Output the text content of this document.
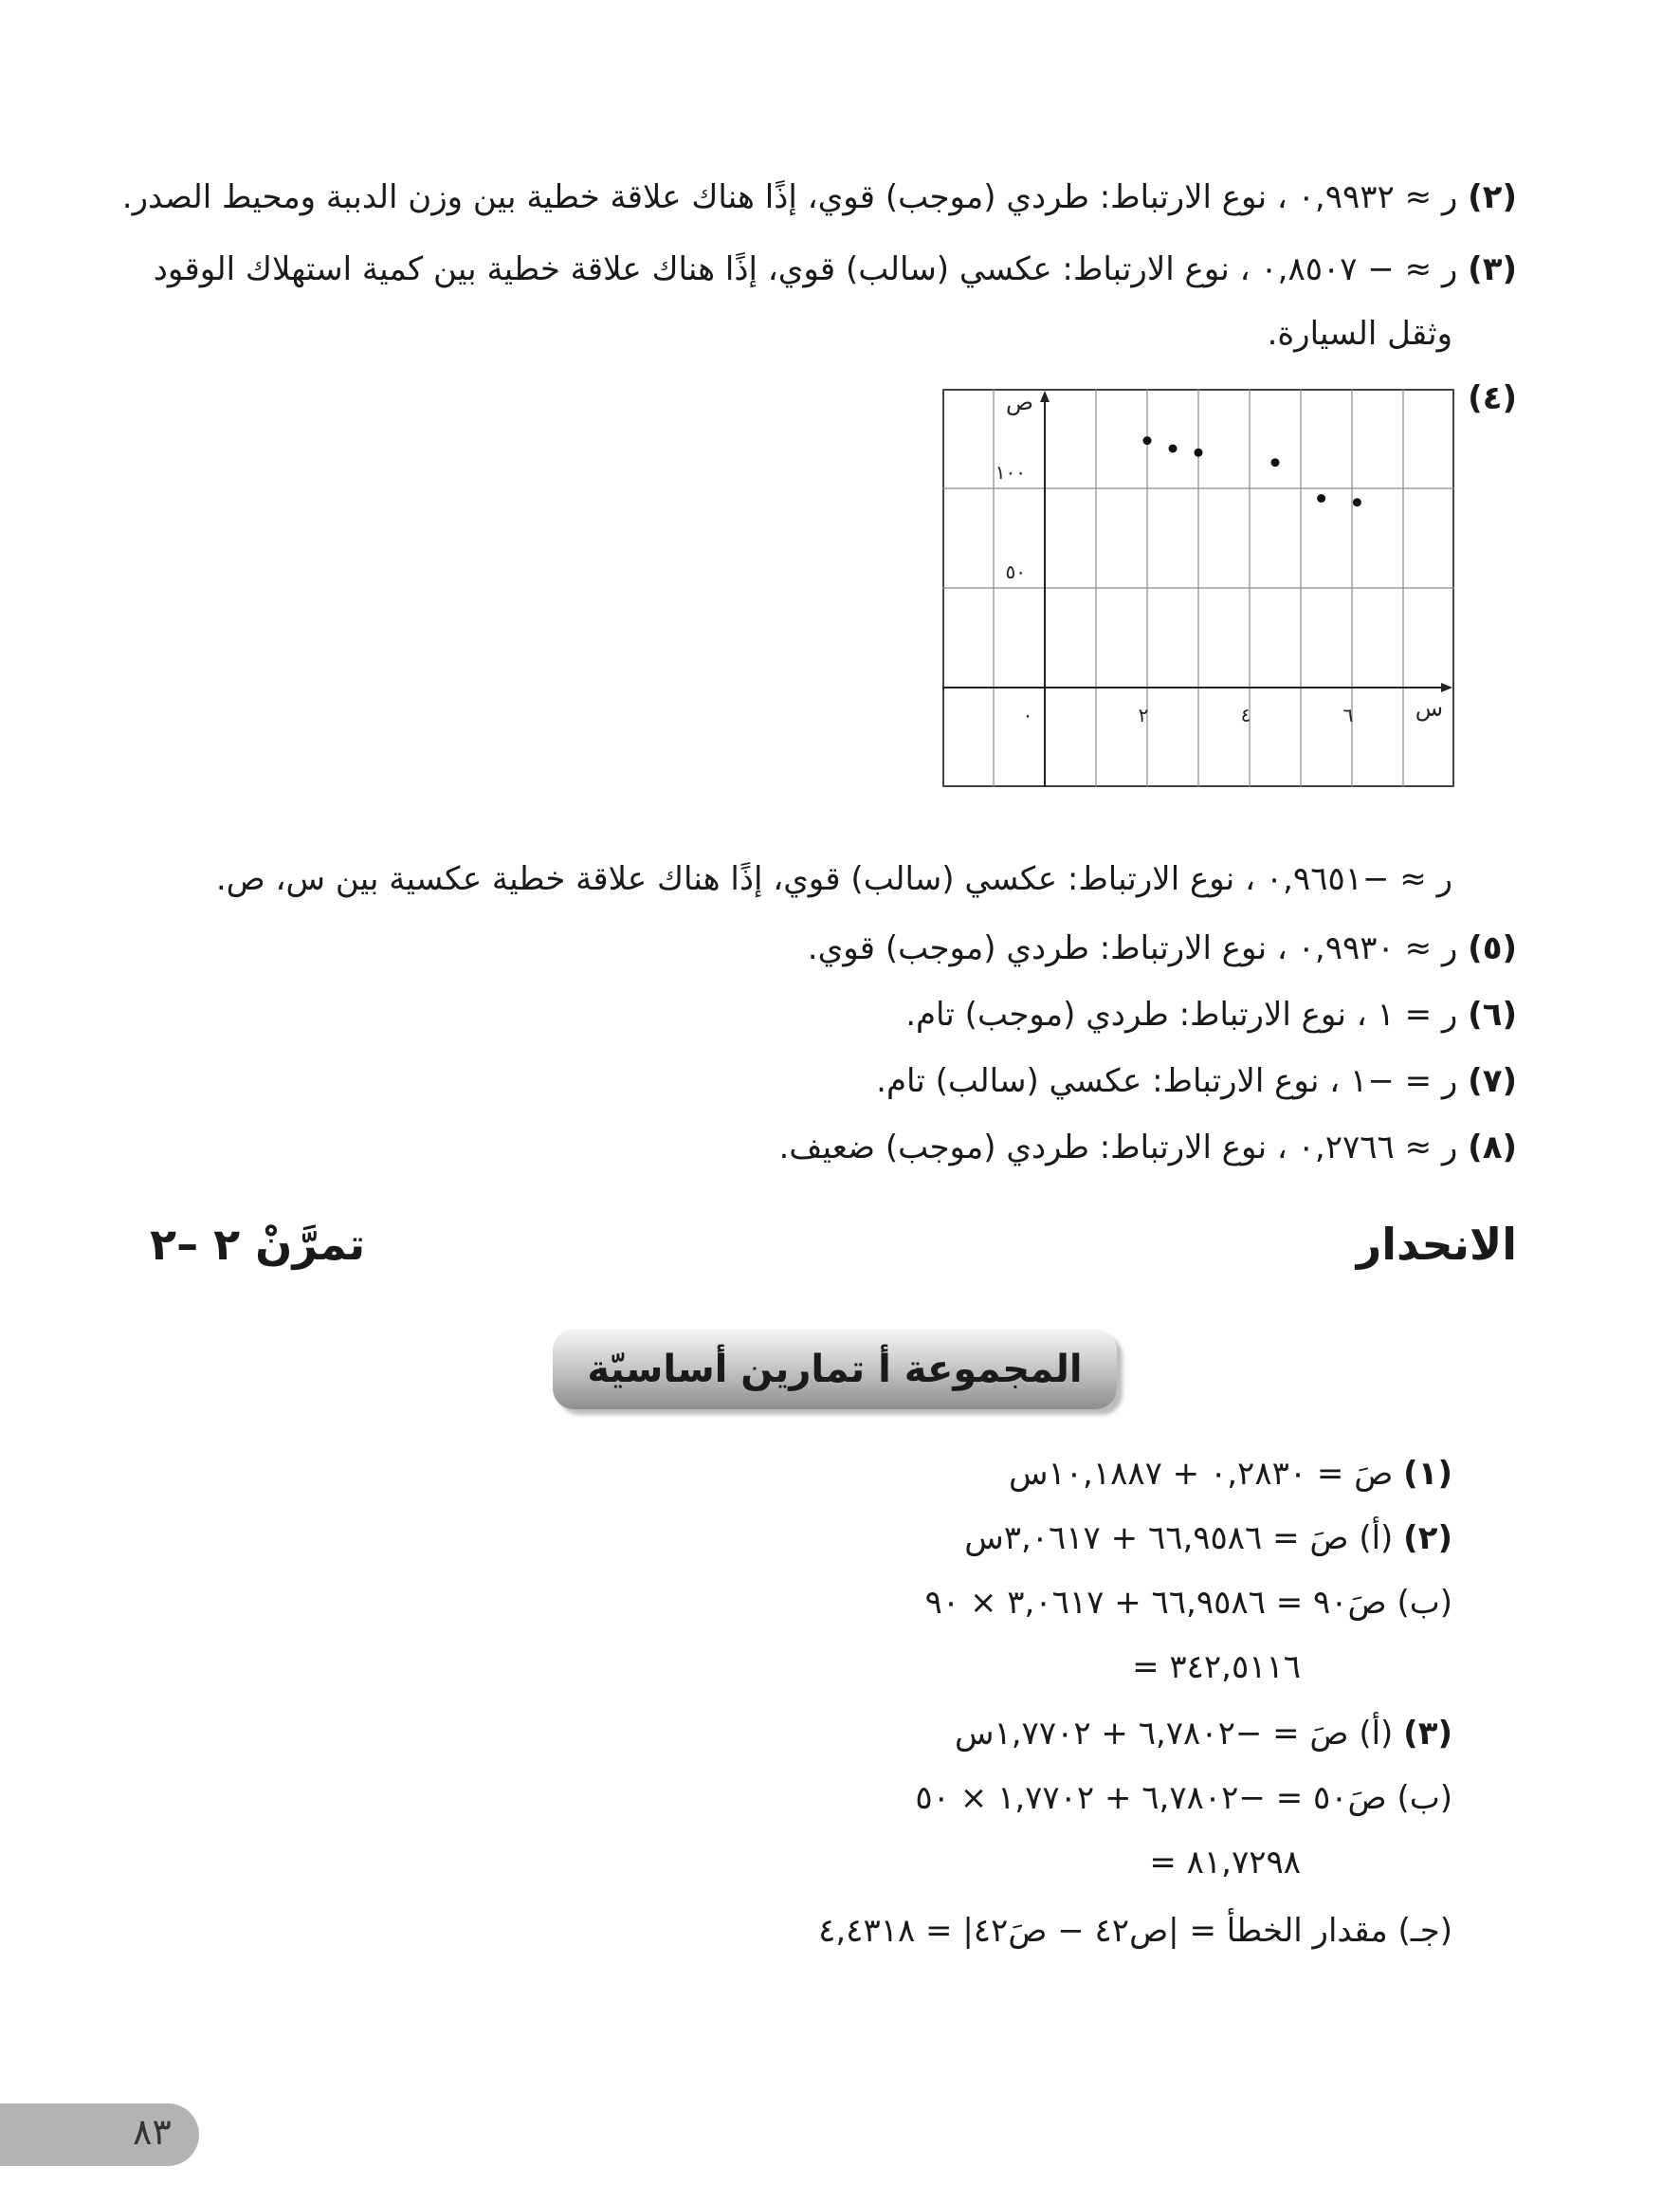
(٢) ر ≈ ٠,٩٩٣٢ ، نوع الارتباط: طردي (موجب) قوي، إذًا هناك علاقة خطية بين وزن الدببة ومحيط الصدر.
(٣) ر ≈ − ٠,٨٥٠٧ ، نوع الارتباط: عكسي (سالب) قوي، إذًا هناك علاقة خطية بين كمية استهلاك الوقود
وثقل السيارة.
(٤)
ص
س
٠	٢	٤	٦
٥٠
١٠٠
ر ≈ −٠,٩٦٥١ ، نوع الارتباط: عكسي (سالب) قوي، إذًا هناك علاقة خطية عكسية بين س، ص.
(٥) ر ≈ ٠,٩٩٣٠ ، نوع الارتباط: طردي (موجب) قوي.
(٦) ر = ١ ، نوع الارتباط: طردي (موجب) تام.
(٧) ر = −١ ، نوع الارتباط: عكسي (سالب) تام.
(٨) ر ≈ ٠,٢٧٦٦ ، نوع الارتباط: طردي (موجب) ضعيف.
الانحدار
تمرَّنْ ٢ –٢
المجموعة أ تمارين أساسيّة
(١) صَ = ٠,٢٨٣٠ + ١٠,١٨٨٧س
(٢) (أ) صَ = ٦٦,٩٥٨٦ + ٣,٠٦١٧س
(ب) صَ٩٠ = ٦٦,٩٥٨٦ + ٣,٠٦١٧ × ٩٠
= ٣٤٢,٥١١٦
(٣) (أ) صَ = −٦,٧٨٠٢ + ١,٧٧٠٢س
(ب) صَ٥٠ = −٦,٧٨٠٢ + ١,٧٧٠٢ × ٥٠
= ٨١,٧٢٩٨
(جـ) مقدار الخطأ = |ص٤٢ − صَ٤٢| = ٤,٤٣١٨
٨٣
